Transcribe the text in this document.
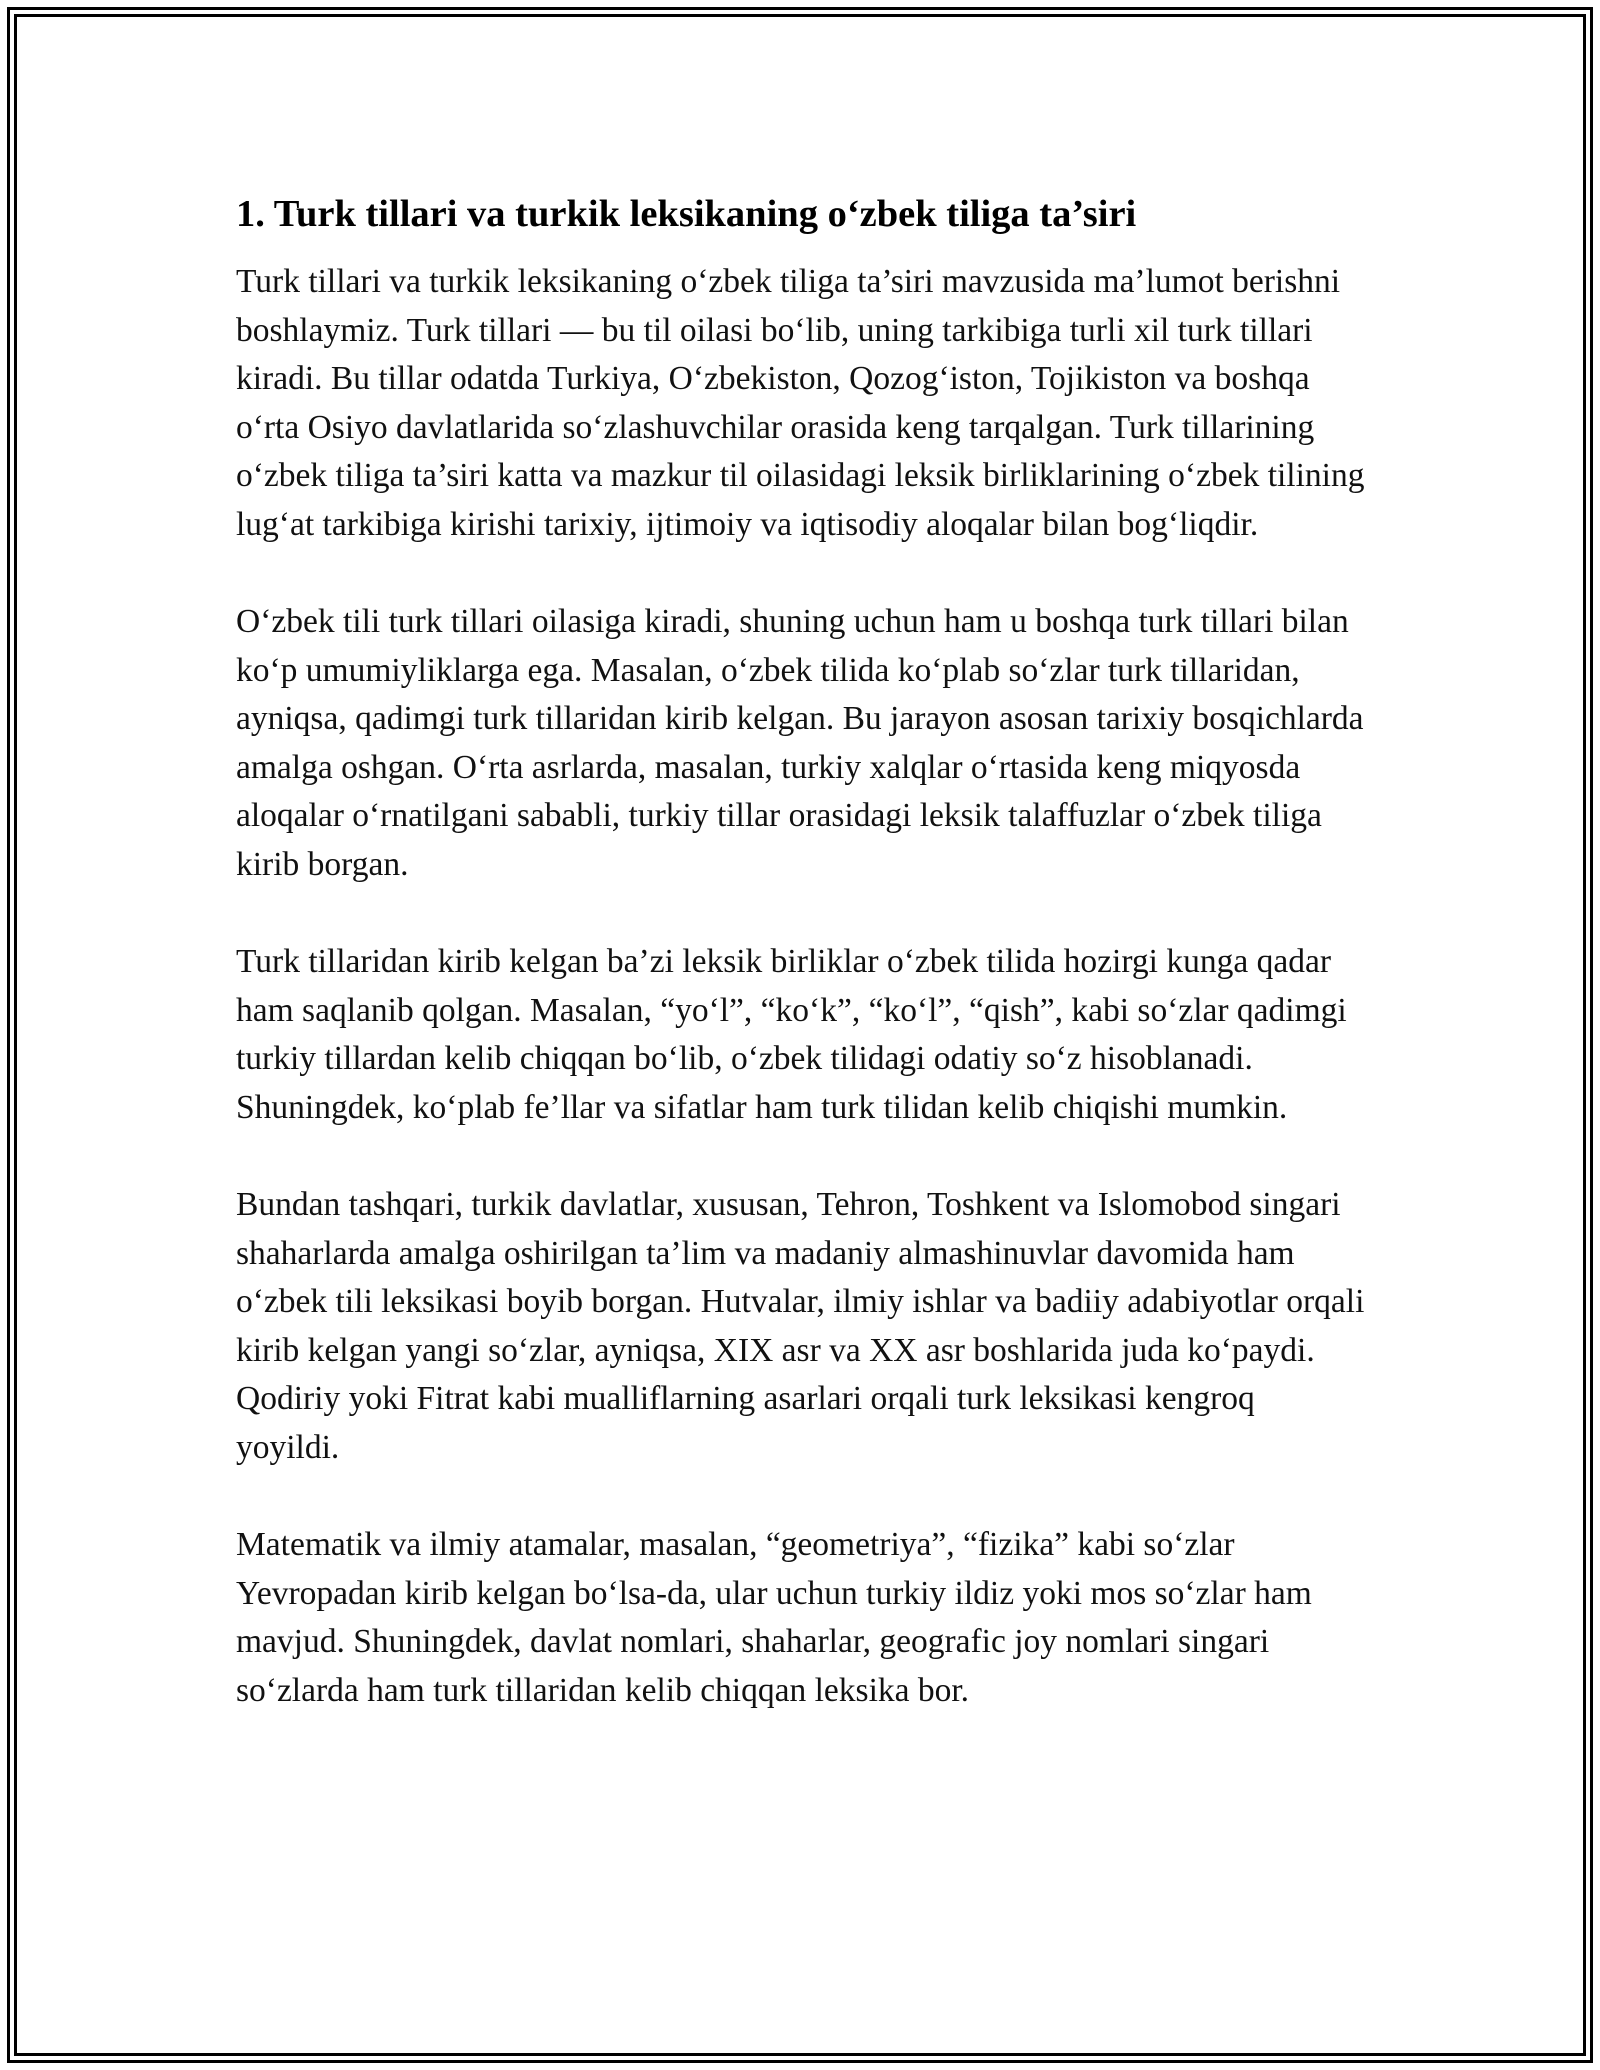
1. Turk tillari va turkik leksikaning o‘zbek tiliga ta’siri

Turk tillari va turkik leksikaning o‘zbek tiliga ta’siri mavzusida ma’lumot berishni boshlaymiz. Turk tillari — bu til oilasi bo‘lib, uning tarkibiga turli xil turk tillari kiradi. Bu tillar odatda Turkiya, O‘zbekiston, Qozog‘iston, Tojikiston va boshqa o‘rta Osiyo davlatlarida so‘zlashuvchilar orasida keng tarqalgan. Turk tillarining o‘zbek tiliga ta’siri katta va mazkur til oilasidagi leksik birliklarining o‘zbek tilining lug‘at tarkibiga kirishi tarixiy, ijtimoiy va iqtisodiy aloqalar bilan bog‘liqdir.

O‘zbek tili turk tillari oilasiga kiradi, shuning uchun ham u boshqa turk tillari bilan ko‘p umumiyliklarga ega. Masalan, o‘zbek tilida ko‘plab so‘zlar turk tillaridan, ayniqsa, qadimgi turk tillaridan kirib kelgan. Bu jarayon asosan tarixiy bosqichlarda amalga oshgan. O‘rta asrlarda, masalan, turkiy xalqlar o‘rtasida keng miqyosda aloqalar o‘rnatilgani sababli, turkiy tillar orasidagi leksik talaffuzlar o‘zbek tiliga kirib borgan.

Turk tillaridan kirib kelgan ba’zi leksik birliklar o‘zbek tilida hozirgi kunga qadar ham saqlanib qolgan. Masalan, “yo‘l”, “ko‘k”, “ko‘l”, “qish”, kabi so‘zlar qadimgi turkiy tillardan kelib chiqqan bo‘lib, o‘zbek tilidagi odatiy so‘z hisoblanadi. Shuningdek, ko‘plab fe’llar va sifatlar ham turk tilidan kelib chiqishi mumkin.

Bundan tashqari, turkik davlatlar, xususan, Tehron, Toshkent va Islomobod singari shaharlarda amalga oshirilgan ta’lim va madaniy almashinuvlar davomida ham o‘zbek tili leksikasi boyib borgan. Hutvalar, ilmiy ishlar va badiiy adabiyotlar orqali kirib kelgan yangi so‘zlar, ayniqsa, XIX asr va XX asr boshlarida juda ko‘paydi. Qodiriy yoki Fitrat kabi mualliflarning asarlari orqali turk leksikasi kengroq yoyildi.

Matematik va ilmiy atamalar, masalan, “geometriya”, “fizika” kabi so‘zlar Yevropadan kirib kelgan bo‘lsa-da, ular uchun turkiy ildiz yoki mos so‘zlar ham mavjud. Shuningdek, davlat nomlari, shaharlar, geografic joy nomlari singari so‘zlarda ham turk tillaridan kelib chiqqan leksika bor.
